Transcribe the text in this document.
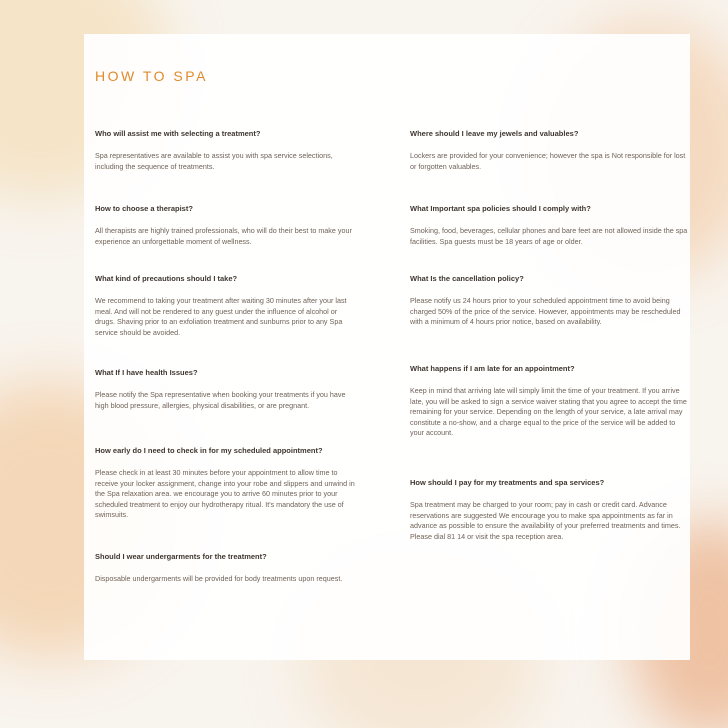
HOW TO SPA

Who will assist me with selecting a treatment?

Spa representatives are available to assist you with spa service selections, including the sequence of treatments.

How to choose a therapist?

All therapists are highly trained professionals, who will do their best to make your experience an unforgettable moment of wellness.

What kind of precautions should I take?

We recommend to taking your treatment after waiting 30 minutes after your last meal. And will not be rendered to any guest under the influence of alcohol or drugs. Shaving prior to an exfoliation treatment and sunburns prior to any Spa service should be avoided.

What If I have health Issues?

Please notify the Spa representative when booking your treatments if you have high blood pressure, allergies, physical disabilities, or are pregnant.

How early do I need to check in for my scheduled appointment?

Please check in at least 30 minutes before your appointment to allow time to receive your locker assignment, change into your robe and slippers and unwind in the Spa relaxation area. we encourage you to arrive 60 minutes prior to your scheduled treatment to enjoy our hydrotherapy ritual. It's mandatory the use of swimsuits.

Should I wear undergarments for the treatment?

Disposable undergarments will be provided for body treatments upon request.

Where should I leave my jewels and valuables?

Lockers are provided for your convenience; however the spa is Not responsible for lost or forgotten valuables.

What Important spa policies should I comply with?

Smoking, food, beverages, cellular phones and bare feet are not allowed inside the spa facilities. Spa guests must be 18 years of age or older.

What Is the cancellation policy?

Please notify us 24 hours prior to your scheduled appointment time to avoid being charged 50% of the price of the service. However, appointments may be rescheduled with a minimum of 4 hours prior notice, based on availability.

What happens if I am late for an appointment?

Keep in mind that arriving late will simply limit the time of your treatment. If you arrive late, you will be asked to sign a service waiver stating that you agree to accept the time remaining for your service. Depending on the length of your service, a late arrival may constitute a no-show, and a charge equal to the price of the service will be added to your account.

How should I pay for my treatments and spa services?

Spa treatment may be charged to your room; pay in cash or credit card. Advance reservations are suggested We encourage you to make spa appointments as far in advance as possible to ensure the availability of your preferred treatments and times. Please dial 81 14 or visit the spa reception area.
